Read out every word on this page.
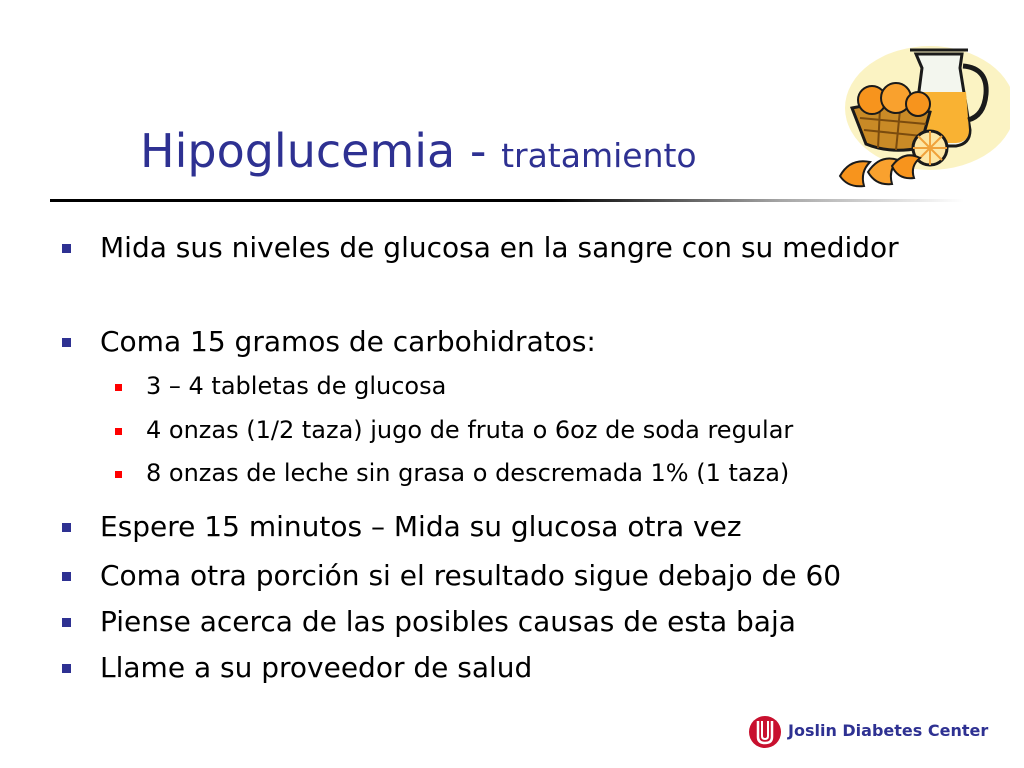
Hipoglucemia - tratamiento
Mida sus niveles de glucosa en la sangre con su medidor
Coma 15 gramos de carbohidratos:
3 – 4 tabletas de glucosa
4 onzas (1/2 taza) jugo de fruta o 6oz de soda regular
8 onzas de leche sin grasa o descremada 1% (1 taza)
Espere 15 minutos – Mida su glucosa otra vez
Coma otra porción si el resultado sigue debajo de 60
Piense acerca de las posibles causas de esta baja
Llame a su proveedor de salud
Joslin Diabetes Center
